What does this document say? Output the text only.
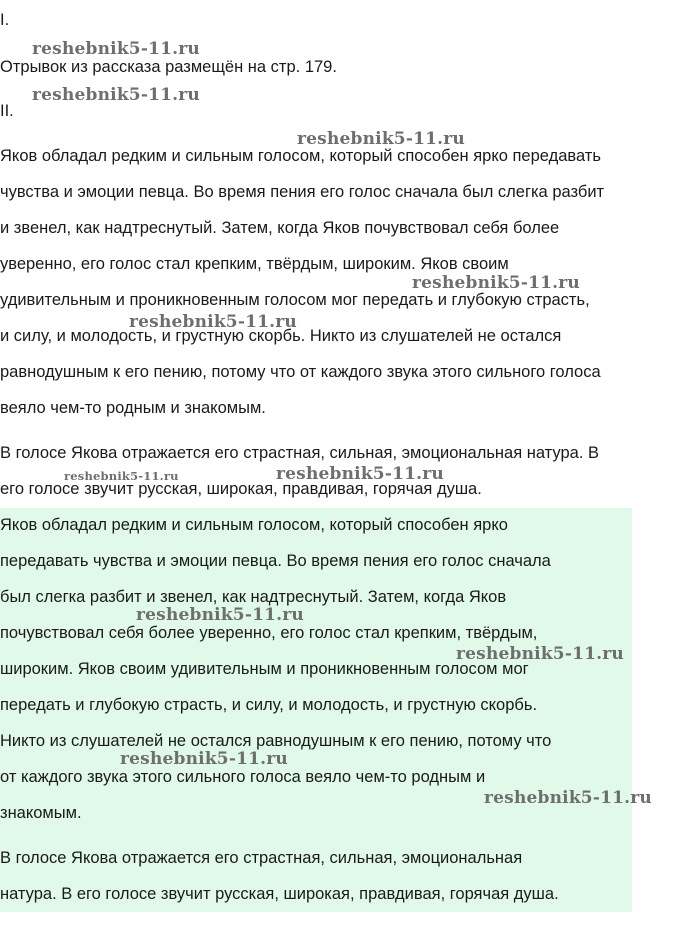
I.
Отрывок из рассказа размещён на стр. 179.
II.
Яков обладал редким и сильным голосом, который способен ярко передавать
чувства и эмоции певца. Во время пения его голос сначала был слегка разбит
и звенел, как надтреснутый. Затем, когда Яков почувствовал себя более
уверенно, его голос стал крепким, твёрдым, широким. Яков своим
удивительным и проникновенным голосом мог передать и глубокую страсть,
и силу, и молодость, и грустную скорбь. Никто из слушателей не остался
равнодушным к его пению, потому что от каждого звука этого сильного голоса
веяло чем-то родным и знакомым.
В голосе Якова отражается его страстная, сильная, эмоциональная натура. В
его голосе звучит русская, широкая, правдивая, горячая душа.
Яков обладал редким и сильным голосом, который способен ярко
передавать чувства и эмоции певца. Во время пения его голос сначала
был слегка разбит и звенел, как надтреснутый. Затем, когда Яков
почувствовал себя более уверенно, его голос стал крепким, твёрдым,
широким. Яков своим удивительным и проникновенным голосом мог
передать и глубокую страсть, и силу, и молодость, и грустную скорбь.
Никто из слушателей не остался равнодушным к его пению, потому что
от каждого звука этого сильного голоса веяло чем-то родным и
знакомым.
В голосе Якова отражается его страстная, сильная, эмоциональная
натура. В его голосе звучит русская, широкая, правдивая, горячая душа.
reshebnik5-11.ru
reshebnik5-11.ru
reshebnik5-11.ru
reshebnik5-11.ru
reshebnik5-11.ru
reshebnik5-11.ru	reshebnik5-11.ru
reshebnik5-11.ru
reshebnik5-11.ru
reshebnik5-11.ru
reshebnik5-11.ru
